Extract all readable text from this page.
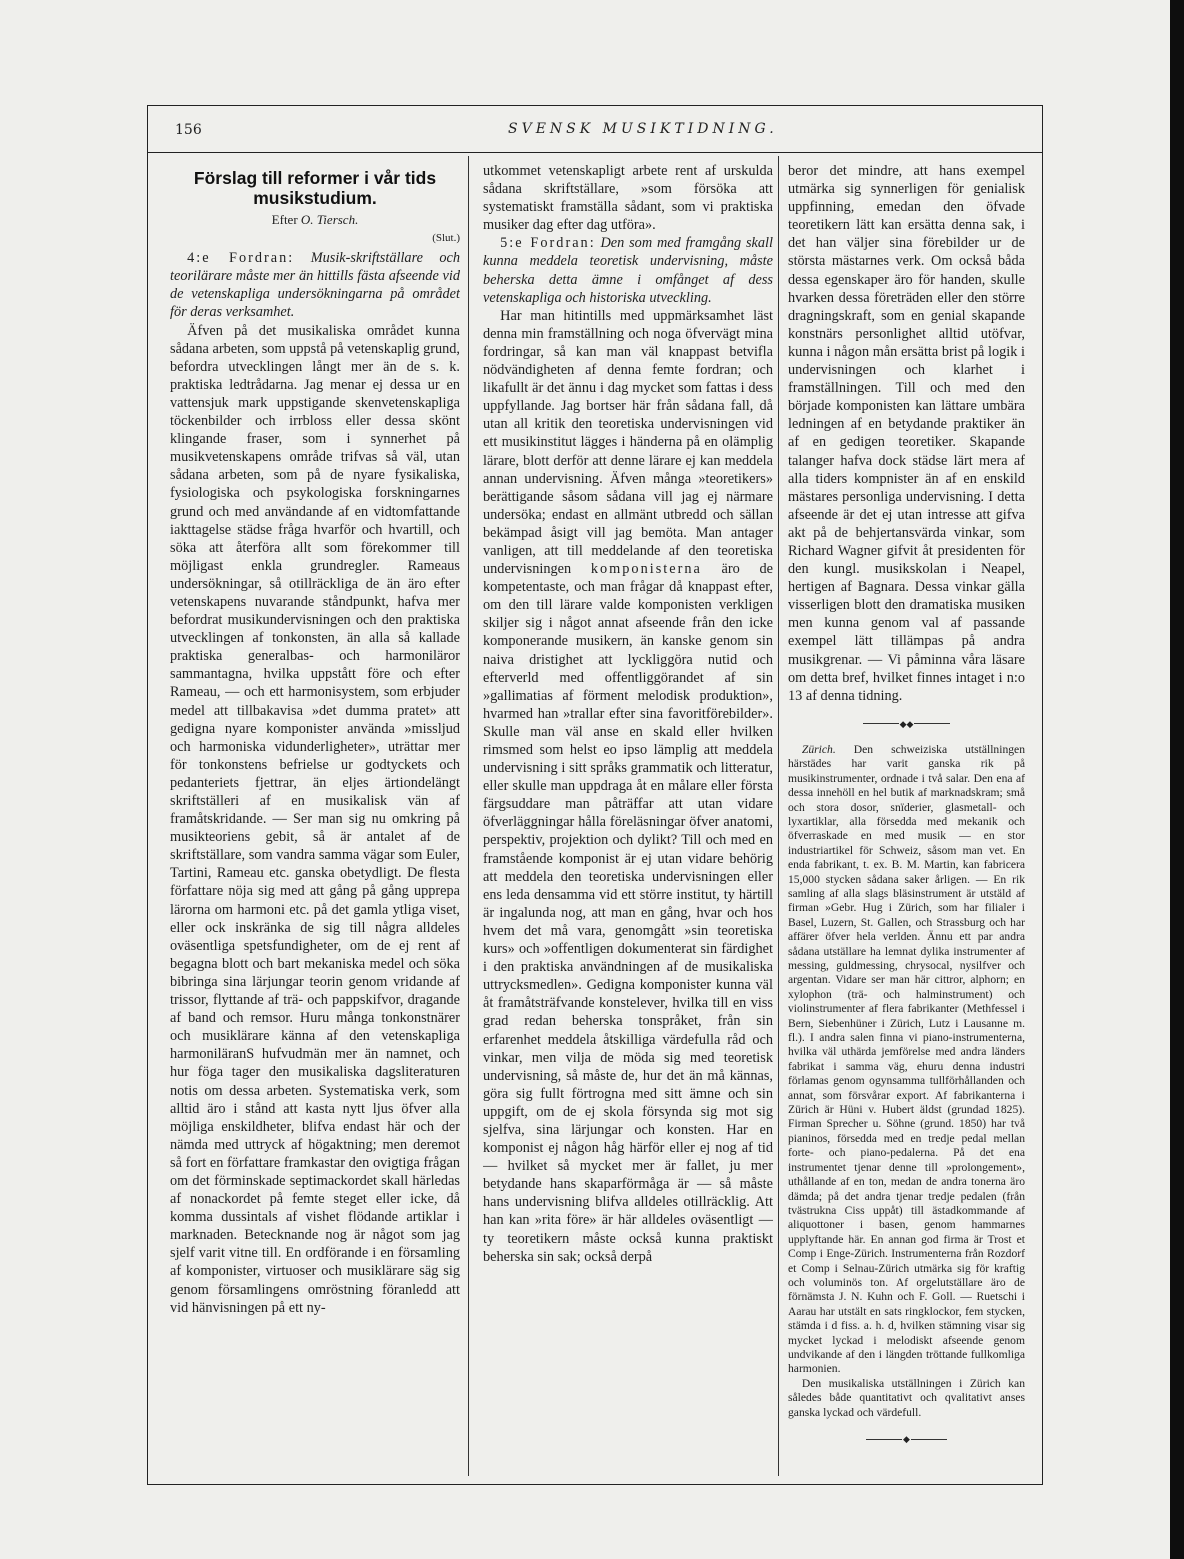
156	SVENSK MUSIKTIDNING.
Förslag till reformer i vår tids musikstudium.
Efter O. Tiersch.
(Slut.)

4:e Fordran: Musik-skriftställare och teorilärare måste mer än hittills fästa afseende vid de vetenskapliga undersökningarna på området för deras verksamhet.

Äfven på det musikaliska området kunna sådana arbeten, som uppstå på vetenskaplig grund, befordra utvecklingen långt mer än de s. k. praktiska ledtrådarna. Jag menar ej dessa ur en vattensjuk mark uppstigande skenvetenskapliga töckenbilder och irrbloss eller dessa skönt klingande fraser, som i synnerhet på musikvetenskapens område trifvas så väl, utan sådana arbeten, som på de nyare fysikaliska, fysiologiska och psykologiska forskningarnes grund och med användande af en vidtomfattande iakttagelse städse fråga hvarför och hvartill, och söka att återföra allt som förekommer till möjligast enkla grundregler. Rameaus undersökningar, så otillräckliga de än äro efter vetenskapens nuvarande ståndpunkt, hafva mer befordrat musikundervisningen och den praktiska utvecklingen af tonkonsten, än alla så kallade praktiska generalbas- och harmoniläror sammantagna, hvilka uppstått före och efter Rameau, — och ett harmonisystem, som erbjuder medel att tillbakavisa »det dumma pratet» att gedigna nyare komponister använda »missljud och harmoniska vidunderligheter», uträttar mer för tonkonstens befrielse ur godtyckets och pedanteriets fjettrar, än eljes ärtiondelängt skriftställeri af en musikalisk vän af framåtskridande. — Ser man sig nu omkring på musikteoriens gebit, så är antalet af de skriftställare, som vandra samma vägar som Euler, Tartini, Rameau etc. ganska obetydligt. De flesta författare nöja sig med att gång på gång upprepa lärorna om harmoni etc. på det gamla ytliga viset, eller ock inskränka de sig till några alldeles oväsentliga spetsfundigheter, om de ej rent af begagna blott och bart mekaniska medel och söka bibringa sina lärjungar teorin genom vridande af trissor, flyttande af trä- och pappskifvor, dragande af band och remsor. Huru många tonkonstnärer och musiklärare känna af den vetenskapliga harmoniläranS hufvudmän mer än namnet, och hur föga tager den musikaliska dagsliteraturen notis om dessa arbeten. Systematiska verk, som alltid äro i stånd att kasta nytt ljus öfver alla möjliga enskildheter, blifva endast här och der nämda med uttryck af högaktning; men deremot så fort en författare framkastar den ovigtiga frågan om det förminskade septimackordet skall härledas af nonackordet på femte steget eller icke, då komma dussintals af vishet flödande artiklar i marknaden. Betecknande nog är något som jag sjelf varit vitne till. En ordförande i en församling af komponister, virtuoser och musiklärare säg sig genom församlingens omröstning föranledd att vid hänvisningen på ett ny-

utkommet vetenskapligt arbete rent af urskulda sådana skriftställare, »som försöka att systematiskt framställa sådant, som vi praktiska musiker dag efter dag utföra».

5:e Fordran: Den som med framgång skall kunna meddela teoretisk undervisning, måste beherska detta ämne i omfånget af dess vetenskapliga och historiska utveckling.

Har man hitintills med uppmärksamhet läst denna min framställning och noga öfvervägt mina fordringar, så kan man väl knappast betvifla nödvändigheten af denna femte fordran; och likafullt är det ännu i dag mycket som fattas i dess uppfyllande. Jag bortser här från sådana fall, då utan all kritik den teoretiska undervisningen vid ett musikinstitut lägges i händerna på en olämplig lärare, blott derför att denne lärare ej kan meddela annan undervisning. Äfven många »teoretikers» berättigande såsom sådana vill jag ej närmare undersöka; endast en allmänt utbredd och sällan bekämpad åsigt vill jag bemöta. Man antager vanligen, att till meddelande af den teoretiska undervisningen komponisterna äro de kompetentaste, och man frågar då knappast efter, om den till lärare valde komponisten verkligen skiljer sig i något annat afseende från den icke komponerande musikern, än kanske genom sin naiva dristighet att lyckliggöra nutid och efterverld med offentliggörandet af sin »gallimatias af förment melodisk produktion», hvarmed han »trallar efter sina favoritförebilder». Skulle man väl anse en skald eller hvilken rimsmed som helst eo ipso lämplig att meddela undervisning i sitt språks grammatik och litteratur, eller skulle man uppdraga åt en målare eller första färgsuddare man påträffar att utan vidare öfverläggningar hålla föreläsningar öfver anatomi, perspektiv, projektion och dylikt? Till och med en framstående komponist är ej utan vidare behörig att meddela den teoretiska undervisningen eller ens leda densamma vid ett större institut, ty härtill är ingalunda nog, att man en gång, hvar och hos hvem det må vara, genomgått »sin teoretiska kurs» och »offentligen dokumenterat sin färdighet i den praktiska användningen af de musikaliska uttrycksmedlen». Gedigna komponister kunna väl åt framåtsträfvande konstelever, hvilka till en viss grad redan beherska tonspråket, från sin erfarenhet meddela åtskilliga värdefulla råd och vinkar, men vilja de möda sig med teoretisk undervisning, så måste de, hur det än må kännas, göra sig fullt förtrogna med sitt ämne och sin uppgift, om de ej skola försynda sig mot sig sjelfva, sina lärjungar och konsten. Har en komponist ej någon håg härför eller ej nog af tid — hvilket så mycket mer är fallet, ju mer betydande hans skaparförmåga är — så måste hans undervisning blifva alldeles otillräcklig. Att han kan »rita före» är här alldeles oväsentligt — ty teoretikern måste också kunna praktiskt beherska sin sak; också derpå

beror det mindre, att hans exempel utmärka sig synnerligen för genialisk uppfinning, emedan den öfvade teoretikern lätt kan ersätta denna sak, i det han väljer sina förebilder ur de största mästarnes verk. Om också båda dessa egenskaper äro för handen, skulle hvarken dessa företräden eller den större dragningskraft, som en genial skapande konstnärs personlighet alltid utöfvar, kunna i någon mån ersätta brist på logik i undervisningen och klarhet i framställningen. Till och med den började komponisten kan lättare umbära ledningen af en betydande praktiker än af en gedigen teoretiker. Skapande talanger hafva dock städse lärt mera af alla tiders kompnister än af en enskild mästares personliga undervisning. I detta afseende är det ej utan intresse att gifva akt på de behjertansvärda vinkar, som Richard Wagner gifvit åt presidenten för den kungl. musikskolan i Neapel, hertigen af Bagnara. Dessa vinkar gälla visserligen blott den dramatiska musiken men kunna genom val af passande exempel lätt tillämpas på andra musikgrenar. — Vi påminna våra läsare om detta bref, hvilket finnes intaget i n:o 13 af denna tidning.

◆◆

Zürich. Den schweiziska utställningen härstädes har varit ganska rik på musikinstrumenter, ordnade i två salar. Den ena af dessa innehöll en hel butik af marknadskram; små och stora dosor, snïderier, glasmetall- och lyxartiklar, alla försedda med mekanik och öfverraskade en med musik — en stor industriartikel för Schweiz, såsom man vet. En enda fabrikant, t. ex. B. M. Martin, kan fabricera 15,000 stycken sådana saker årligen. — En rik samling af alla slags bläsinstrument är utstäld af firman »Gebr. Hug i Zürich, som har filialer i Basel, Luzern, St. Gallen, och Strassburg och har affärer öfver hela verlden. Ännu ett par andra sådana utställare ha lemnat dylika instrumenter af messing, guldmessing, chrysocal, nysilfver och argentan. Vidare ser man här cittror, alphorn; en xylophon (trä- och halminstrument) och violinstrumenter af flera fabrikanter (Methfessel i Bern, Siebenhüner i Zürich, Lutz i Lausanne m. fl.). I andra salen finna vi piano-instrumenterna, hvilka väl uthärda jemförelse med andra länders fabrikat i samma väg, ehuru denna industri förlamas genom ogynsamma tullförhållanden och annat, som försvårar export. Af fabrikanterna i Zürich är Hüni v. Hubert äldst (grundad 1825). Firman Sprecher u. Söhne (grund. 1850) har två pianinos, försedda med en tredje pedal mellan forte- och piano-pedalerna. På det ena instrumentet tjenar denne till »prolongement», uthållande af en ton, medan de andra tonerna äro dämda; på det andra tjenar tredje pedalen (från tvästrukna Ciss uppåt) till ästadkommande af aliquottoner i basen, genom hammarnes upplyftande här. En annan god firma är Trost et Comp i Enge-Zürich. Instrumenterna från Rozdorf et Comp i Selnau-Zürich utmärka sig för kraftig och voluminös ton. Af orgelutställare äro de förnämsta J. N. Kuhn och F. Goll. — Ruetschi i Aarau har utstält en sats ringklockor, fem stycken, stämda i d fiss. a. h. d, hvilken stämning visar sig mycket lyckad i melodiskt afseende genom undvikande af den i längden tröttande fullkomliga harmonien.

Den musikaliska utställningen i Zürich kan således både quantitativt och qvalitativt anses ganska lyckad och värdefull.

◆
